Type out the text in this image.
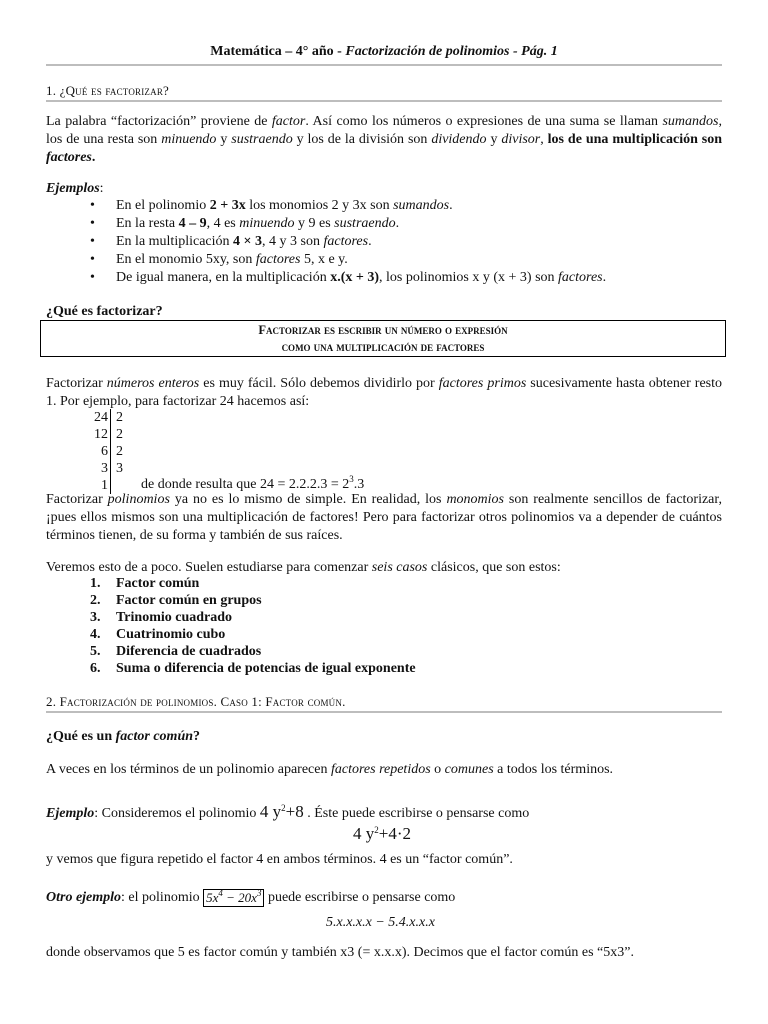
Matemática – 4° año - Factorización de polinomios - Pág. 1
1. ¿Qué es factorizar?
La palabra “factorización” proviene de factor. Así como los números o expresiones de una suma se llaman sumandos, los de una resta son minuendo y sustraendo y los de la división son dividendo y divisor, los de una multiplicación son factores.
Ejemplos:
• En el polinomio 2 + 3x los monomios 2 y 3x son sumandos.
• En la resta 4 – 9, 4 es minuendo y 9 es sustraendo.
• En la multiplicación 4 × 3, 4 y 3 son factores.
• En el monomio 5xy, son factores 5, x e y.
• De igual manera, en la multiplicación x.(x + 3), los polinomios x y (x + 3) son factores.
¿Qué es factorizar?
Factorizar es escribir un número o expresión
como una multiplicación de factores
Factorizar números enteros es muy fácil. Sólo debemos dividirlo por factores primos sucesivamente hasta obtener resto 1. Por ejemplo, para factorizar 24 hacemos así:
24 2
12 2
6 2
3 3
1	de donde resulta que $24 = 2.2.2.3 = 2^3.3$
Factorizar polinomios ya no es lo mismo de simple. En realidad, los monomios son realmente sencillos de factorizar, ¡pues ellos mismos son una multiplicación de factores! Pero para factorizar otros polinomios va a depender de cuántos términos tienen, de su forma y también de sus raíces.
Veremos esto de a poco. Suelen estudiarse para comenzar seis casos clásicos, que son estos:
1. Factor común
2. Factor común en grupos
3. Trinomio cuadrado
4. Cuatrinomio cubo
5. Diferencia de cuadrados
6. Suma o diferencia de potencias de igual exponente
2. Factorización de polinomios. Caso 1: Factor común.
¿Qué es un factor común?
A veces en los términos de un polinomio aparecen factores repetidos o comunes a todos los términos.
Ejemplo: Consideremos el polinomio 4 $y^2+8$ . Éste puede escribirse o pensarse como
4 $y^2+4\cdot 2$
y vemos que figura repetido el factor 4 en ambos términos. 4 es un “factor común”.
Otro ejemplo: el polinomio $5x^4 - 20x^3$ puede escribirse o pensarse como
5.x.x.x.x − 5.4.x.x.x
donde observamos que 5 es factor común y también x3 (= x.x.x). Decimos que el factor común es “5x3”.
